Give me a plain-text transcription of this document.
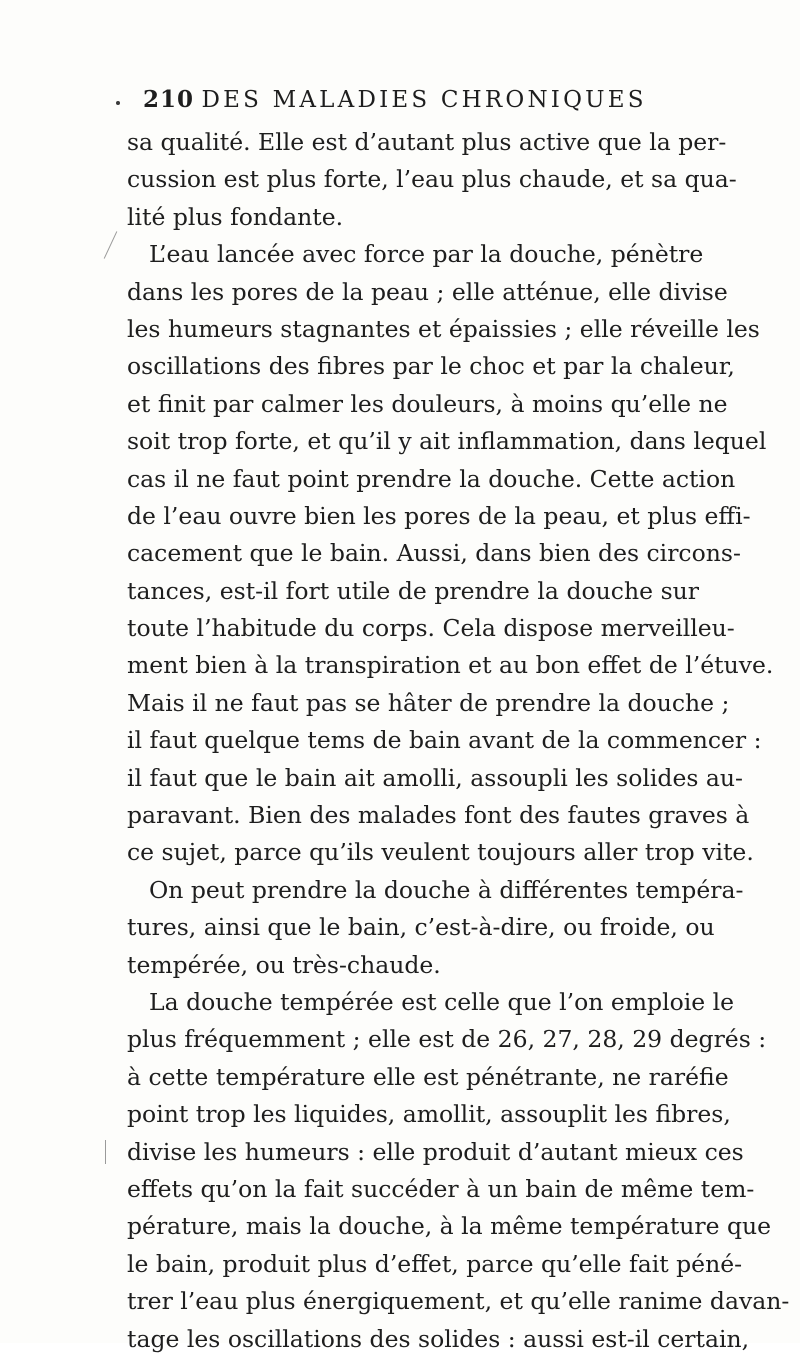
210 DES MALADIES CHRONIQUES
sa qualité. Elle est d’autant plus active que la per-
cussion est plus forte, l’eau plus chaude, et sa qua-
lité plus fondante.
L’eau lancée avec force par la douche, pénètre
dans les pores de la peau ; elle atténue, elle divise
les humeurs stagnantes et épaissies ; elle réveille les
oscillations des fibres par le choc et par la chaleur,
et finit par calmer les douleurs, à moins qu’elle ne
soit trop forte, et qu’il y ait inflammation, dans lequel
cas il ne faut point prendre la douche. Cette action
de l’eau ouvre bien les pores de la peau, et plus effi-
cacement que le bain. Aussi, dans bien des circons-
tances, est-il fort utile de prendre la douche sur
toute l’habitude du corps. Cela dispose merveilleu-
ment bien à la transpiration et au bon effet de l’étuve.
Mais il ne faut pas se hâter de prendre la douche ;
il faut quelque tems de bain avant de la commencer :
il faut que le bain ait amolli, assoupli les solides au-
paravant. Bien des malades font des fautes graves à
ce sujet, parce qu’ils veulent toujours aller trop vite.
On peut prendre la douche à différentes tempéra-
tures, ainsi que le bain, c’est-à-dire, ou froide, ou
tempérée, ou très-chaude.
La douche tempérée est celle que l’on emploie le
plus fréquemment ; elle est de 26, 27, 28, 29 degrés :
à cette température elle est pénétrante, ne raréfie
point trop les liquides, amollit, assouplit les fibres,
divise les humeurs : elle produit d’autant mieux ces
effets qu’on la fait succéder à un bain de même tem-
pérature, mais la douche, à la même température que
le bain, produit plus d’effet, parce qu’elle fait péné-
trer l’eau plus énergiquement, et qu’elle ranime davan-
tage les oscillations des solides : aussi est-il certain,
